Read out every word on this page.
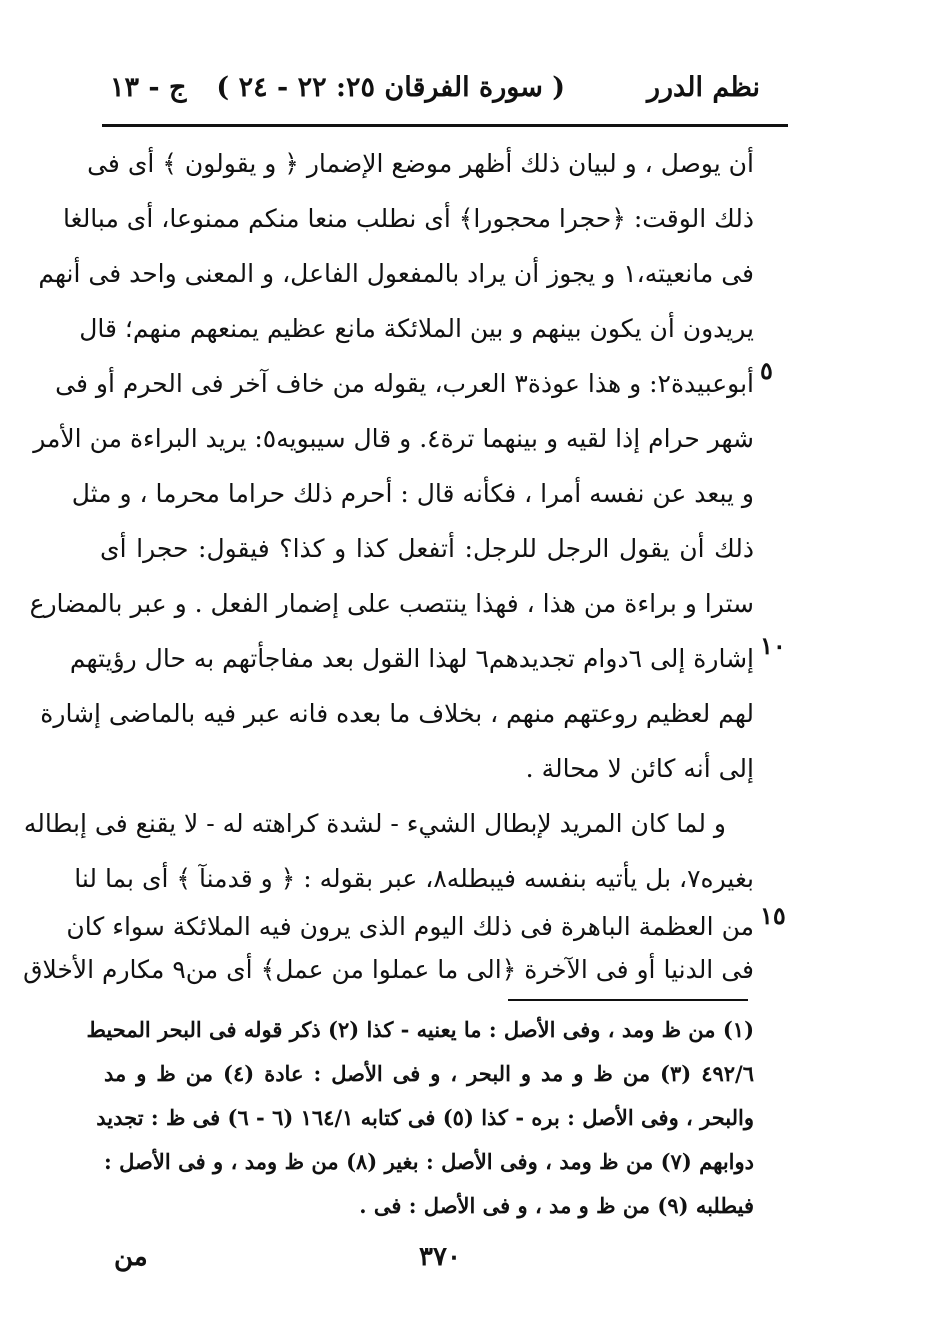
نظم الدرر
( سورة الفرقان ٢٥: ٢٢ - ٢٤ )
ج - ١٣
٥
١٠
١٥
أن يوصل ، و لبيان ذلك أظهر موضع الإضمار ﴿ و يقولون ﴾ أى فى
ذلك الوقت: ﴿حجرا محجورا﴾ أى نطلب منعا منكم ممنوعا، أى مبالغا
فى مانعيته،١ و يجوز أن يراد بالمفعول الفاعل، و المعنى واحد فى أنهم
يريدون أن يكون بينهم و بين الملائكة مانع عظيم يمنعهم منهم؛ قال
أبوعبيدة٢: و هذا عوذة٣ العرب، يقوله من خاف آخر فى الحرم أو فى
شهر حرام إذا لقيه و بينهما ترة٤. و قال سيبويه٥: يريد البراءة من الأمر
و يبعد عن نفسه أمرا ، فكأنه قال : أحرم ذلك حراما محرما ، و مثل
ذلك أن يقول الرجل للرجل: أتفعل كذا و كذا؟ فيقول: حجرا أى
سترا و براءة من هذا ، فهذا ينتصب على إضمار الفعل . و عبر بالمضارع
إشارة إلى ٦دوام تجديدهم٦ لهذا القول بعد مفاجأتهم به حال رؤيتهم
لهم لعظيم روعتهم منهم ، بخلاف ما بعده فانه عبر فيه بالماضى إشارة
إلى أنه كائن لا محالة .
و لما كان المريد لإبطال الشيء - لشدة كراهته له - لا يقنع فى إبطاله
بغيره٧، بل يأتيه بنفسه فيبطله٨، عبر بقوله : ﴿ و قدمنآ ﴾ أى بما لنا
من العظمة الباهرة فى ذلك اليوم الذى يرون فيه الملائكة سواء كان
فى الدنيا أو فى الآخرة ﴿الى ما عملوا من عمل﴾ أى من٩ مكارم الأخلاق
(١) من ظ ومد ، وفى الأصل : ما يعنيه - كذا (٢) ذكر قوله فى البحر المحيط
٤٩٢/٦ (٣) من ظ و مد و البحر ، و فى الأصل : عادة (٤) من ظ و مد
والبحر ، وفى الأصل : بره - كذا (٥) فى كتابه ١٦٤/١ (٦ - ٦) فى ظ : تجديد
دوابهم (٧) من ظ ومد ، وفى الأصل : بغير (٨) من ظ ومد ، و فى الأصل :
فيطلبه (٩) من ظ و مد ، و فى الأصل : فى .
٣٧٠
من
